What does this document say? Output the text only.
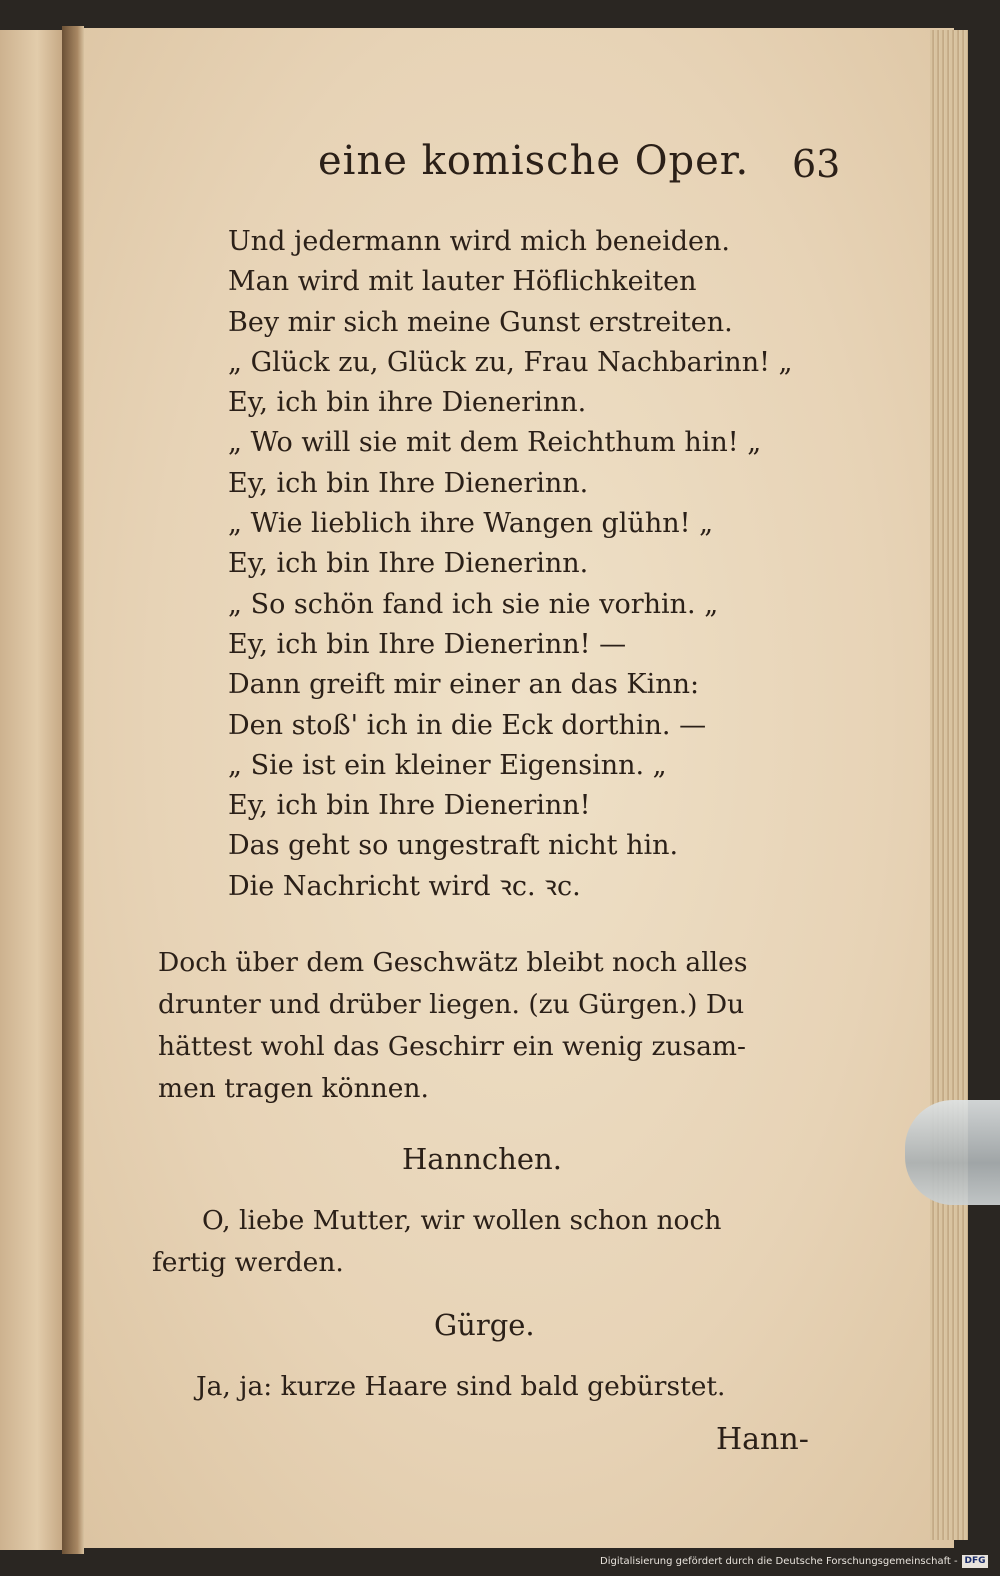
eine komische Oper. 63
Und jedermann wird mich beneiden.
Man wird mit lauter Höflichkeiten
Bey mir sich meine Gunst erstreiten.
„ Glück zu, Glück zu, Frau Nachbarinn! „
Ey, ich bin ihre Dienerinn.
„ Wo will sie mit dem Reichthum hin! „
Ey, ich bin Ihre Dienerinn.
„ Wie lieblich ihre Wangen glühn! „
Ey, ich bin Ihre Dienerinn.
„ So schön fand ich sie nie vorhin. „
Ey, ich bin Ihre Dienerinn! —
Dann greift mir einer an das Kinn:
Den stoß' ich in die Eck dorthin. —
„ Sie ist ein kleiner Eigensinn. „
Ey, ich bin Ihre Dienerinn!
Das geht so ungestraft nicht hin.
Die Nachricht wird ꝛc. ꝛc.
Doch über dem Geschwätz bleibt noch alles
drunter und drüber liegen. (zu Gürgen.) Du
hättest wohl das Geschirr ein wenig zusam-
men tragen können.
Hannchen.
O, liebe Mutter, wir wollen schon noch
fertig werden.
Gürge.
Ja, ja: kurze Haare sind bald gebürstet.
Hann-
Digitalisierung gefördert durch die Deutsche Forschungsgemeinschaft - DFG
